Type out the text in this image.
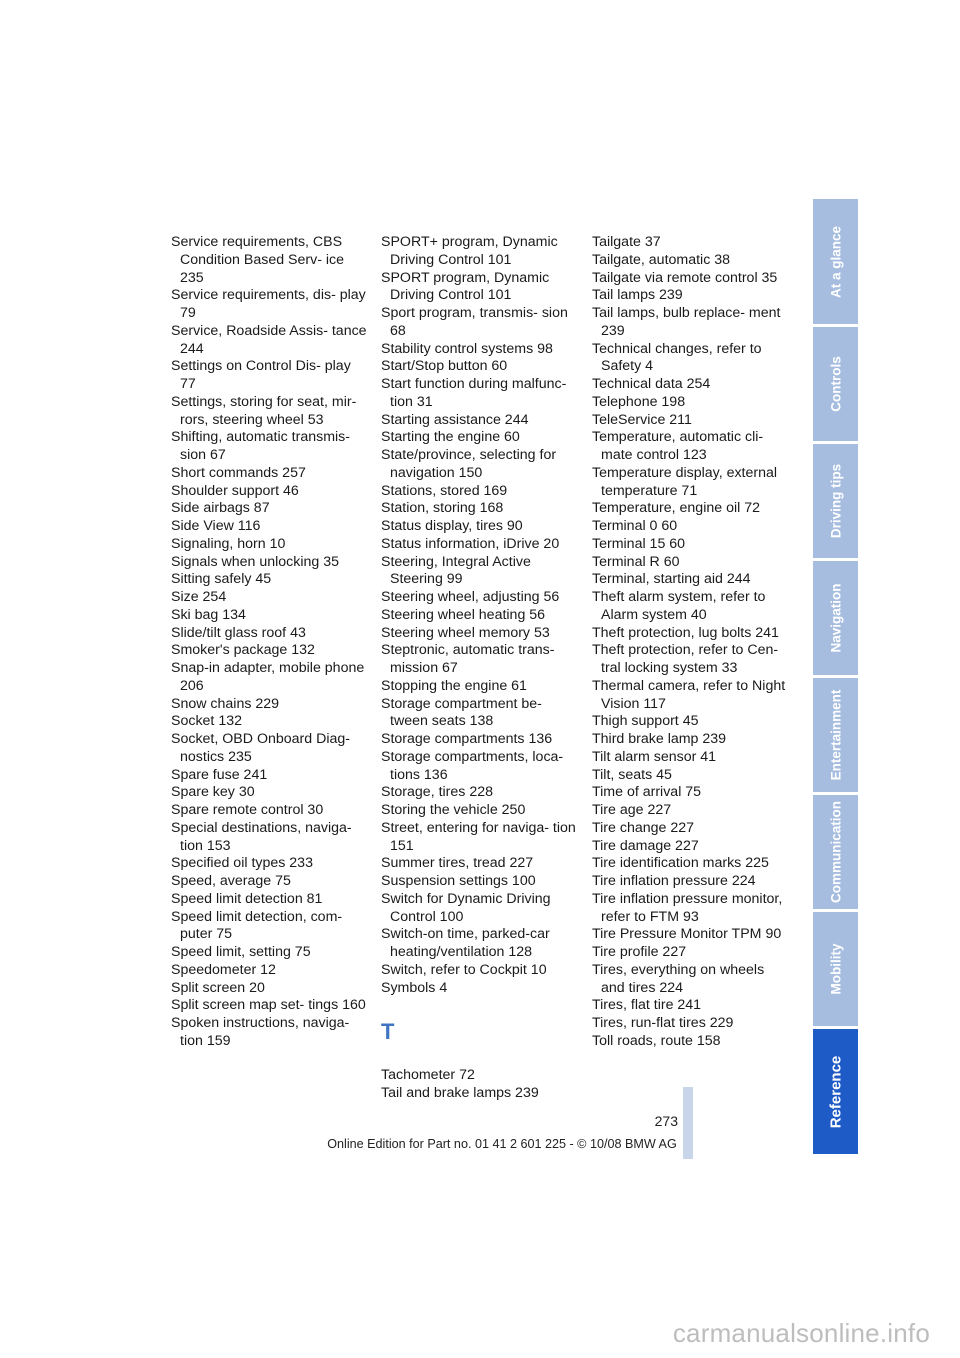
Service requirements, CBS Condition Based Serv- ice 235

Service requirements, dis- play 79

Service, Roadside Assis- tance 244

Settings on Control Dis- play 77

Settings, storing for seat, mir- rors, steering wheel 53

Shifting, automatic transmis- sion 67

Short commands 257

Shoulder support 46

Side airbags 87

Side View 116

Signaling, horn 10

Signals when unlocking 35

Sitting safely 45

Size 254

Ski bag 134

Slide/tilt glass roof 43

Smoker's package 132

Snap-in adapter, mobile phone 206

Snow chains 229

Socket 132

Socket, OBD Onboard Diag- nostics 235

Spare fuse 241

Spare key 30

Spare remote control 30

Special destinations, naviga- tion 153

Specified oil types 233

Speed, average 75

Speed limit detection 81

Speed limit detection, com- puter 75

Speed limit, setting 75

Speedometer 12

Split screen 20

Split screen map set- tings 160

Spoken instructions, naviga- tion 159

SPORT+ program, Dynamic Driving Control 101

SPORT program, Dynamic Driving Control 101

Sport program, transmis- sion 68

Stability control systems 98

Start/Stop button 60

Start function during malfunc- tion 31

Starting assistance 244

Starting the engine 60

State/province, selecting for navigation 150

Stations, stored 169

Station, storing 168

Status display, tires 90

Status information, iDrive 20

Steering, Integral Active Steering 99

Steering wheel, adjusting 56

Steering wheel heating 56

Steering wheel memory 53

Steptronic, automatic trans- mission 67

Stopping the engine 61

Storage compartment be- tween seats 138

Storage compartments 136

Storage compartments, loca- tions 136

Storage, tires 228

Storing the vehicle 250

Street, entering for naviga- tion 151

Summer tires, tread 227

Suspension settings 100

Switch for Dynamic Driving Control 100

Switch-on time, parked-car heating/ventilation 128

Switch, refer to Cockpit 10

Symbols 4

T

Tachometer 72

Tail and brake lamps 239

Tailgate 37

Tailgate, automatic 38

Tailgate via remote control 35

Tail lamps 239

Tail lamps, bulb replace- ment 239

Technical changes, refer to Safety 4

Technical data 254

Telephone 198

TeleService 211

Temperature, automatic cli- mate control 123

Temperature display, external temperature 71

Temperature, engine oil 72

Terminal 0 60

Terminal 15 60

Terminal R 60

Terminal, starting aid 244

Theft alarm system, refer to Alarm system 40

Theft protection, lug bolts 241

Theft protection, refer to Cen- tral locking system 33

Thermal camera, refer to Night Vision 117

Thigh support 45

Third brake lamp 239

Tilt alarm sensor 41

Tilt, seats 45

Time of arrival 75

Tire age 227

Tire change 227

Tire damage 227

Tire identification marks 225

Tire inflation pressure 224

Tire inflation pressure monitor, refer to FTM 93

Tire Pressure Monitor TPM 90

Tire profile 227

Tires, everything on wheels and tires 224

Tires, flat tire 241

Tires, run-flat tires 229

Toll roads, route 158

At a glance
Controls
Driving tips
Navigation
Entertainment
Communication
Mobility
Reference
273
Online Edition for Part no. 01 41 2 601 225 - © 10/08 BMW AG
carmanualsonline.info
